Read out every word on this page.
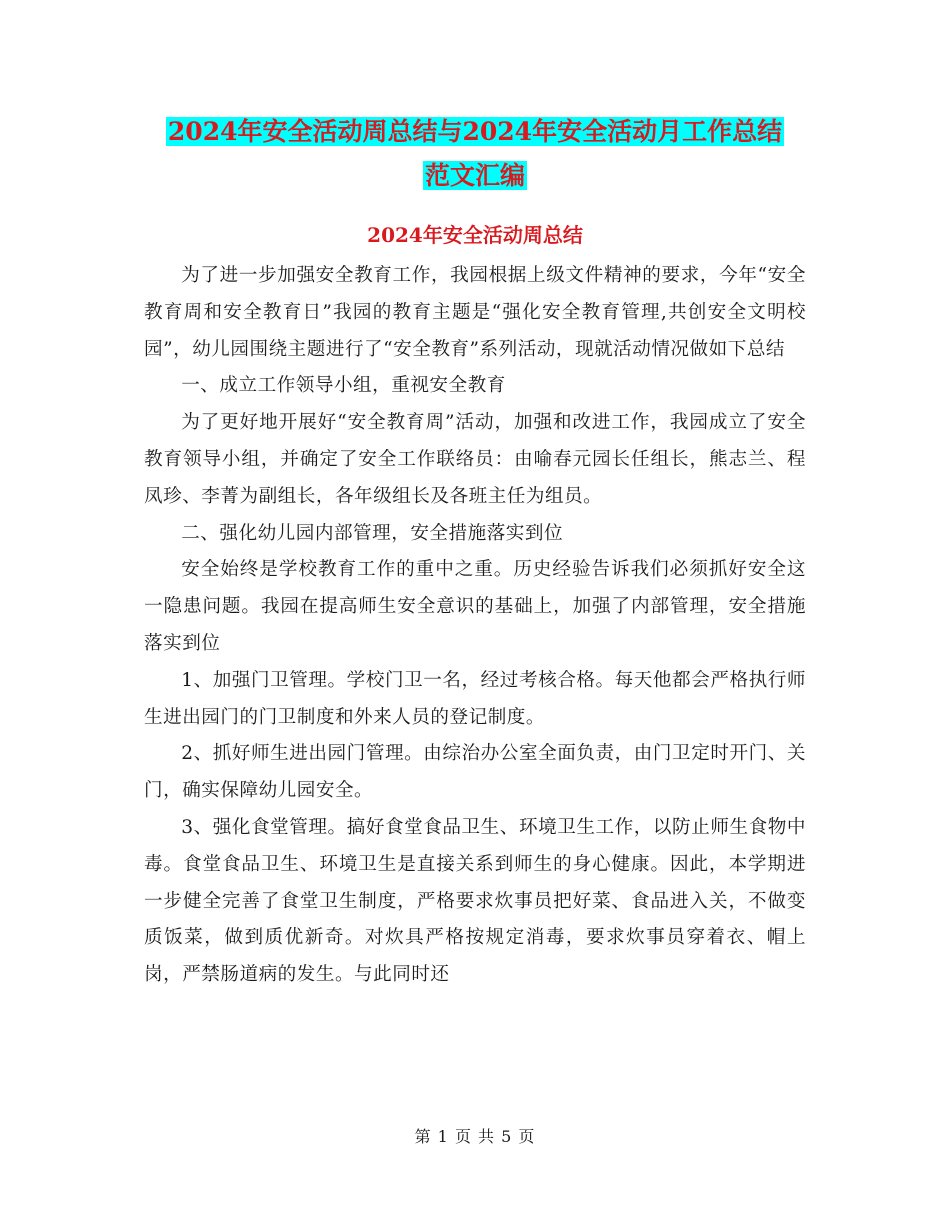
2024年安全活动周总结与2024年安全活动月工作总结
范文汇编
2024年安全活动周总结

为了进一步加强安全教育工作，我园根据上级文件精神的要求，今年“安全教育周和安全教育日”我园的教育主题是“强化安全教育管理,共创安全文明校园”，幼儿园围绕主题进行了“安全教育”系列活动，现就活动情况做如下总结

一、成立工作领导小组，重视安全教育

为了更好地开展好“安全教育周”活动，加强和改进工作，我园成立了安全教育领导小组，并确定了安全工作联络员：由喻春元园长任组长，熊志兰、程凤珍、李菁为副组长，各年级组长及各班主任为组员。

二、强化幼儿园内部管理，安全措施落实到位

安全始终是学校教育工作的重中之重。历史经验告诉我们必须抓好安全这一隐患问题。我园在提高师生安全意识的基础上，加强了内部管理，安全措施落实到位

1、加强门卫管理。学校门卫一名，经过考核合格。每天他都会严格执行师生进出园门的门卫制度和外来人员的登记制度。

2、抓好师生进出园门管理。由综治办公室全面负责，由门卫定时开门、关门，确实保障幼儿园安全。

3、强化食堂管理。搞好食堂食品卫生、环境卫生工作，以防止师生食物中毒。食堂食品卫生、环境卫生是直接关系到师生的身心健康。因此，本学期进一步健全完善了食堂卫生制度，严格要求炊事员把好菜、食品进入关，不做变质饭菜，做到质优新奇。对炊具严格按规定消毒，要求炊事员穿着衣、帽上岗，严禁肠道病的发生。与此同时还

第 1 页 共 5 页
